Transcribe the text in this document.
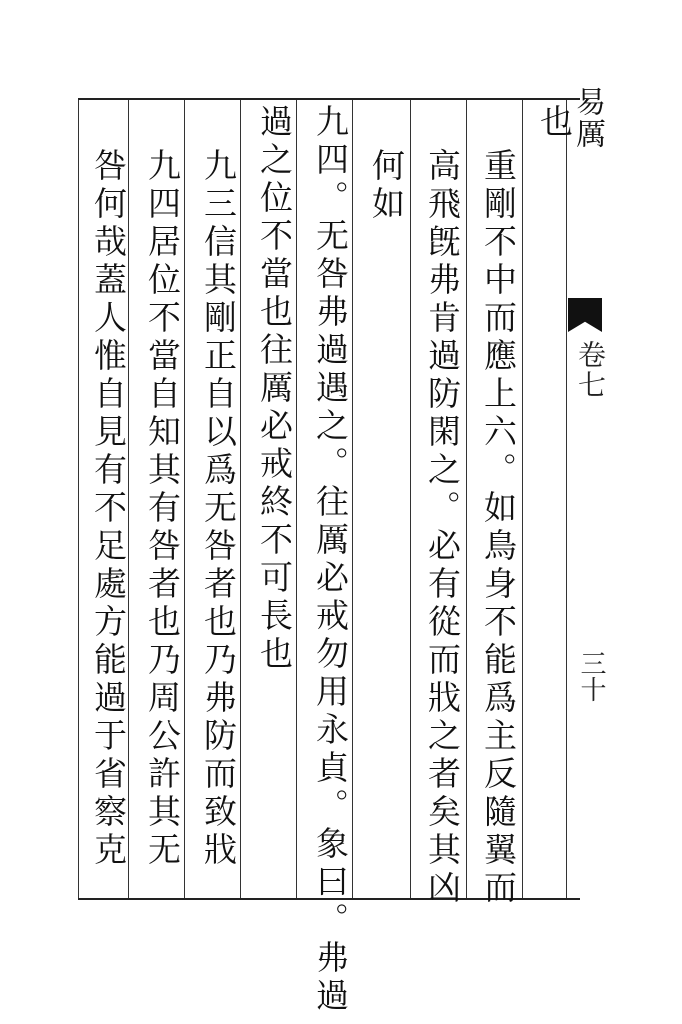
易厲
卷七
三十
也
重剛不中而應上六。如鳥身不能爲主反隨翼而
高飛旣弗肯過防閑之。必有從而戕之者矣其凶
何如
九四。无咎弗過遇之。往厲必戒勿用永貞。象曰。弗過
過之位不當也往厲必戒終不可長也
九三信其剛正自以爲无咎者也乃弗防而致戕
九四居位不當自知其有咎者也乃周公許其无
咎何哉蓋人惟自見有不足處方能過于省察克
